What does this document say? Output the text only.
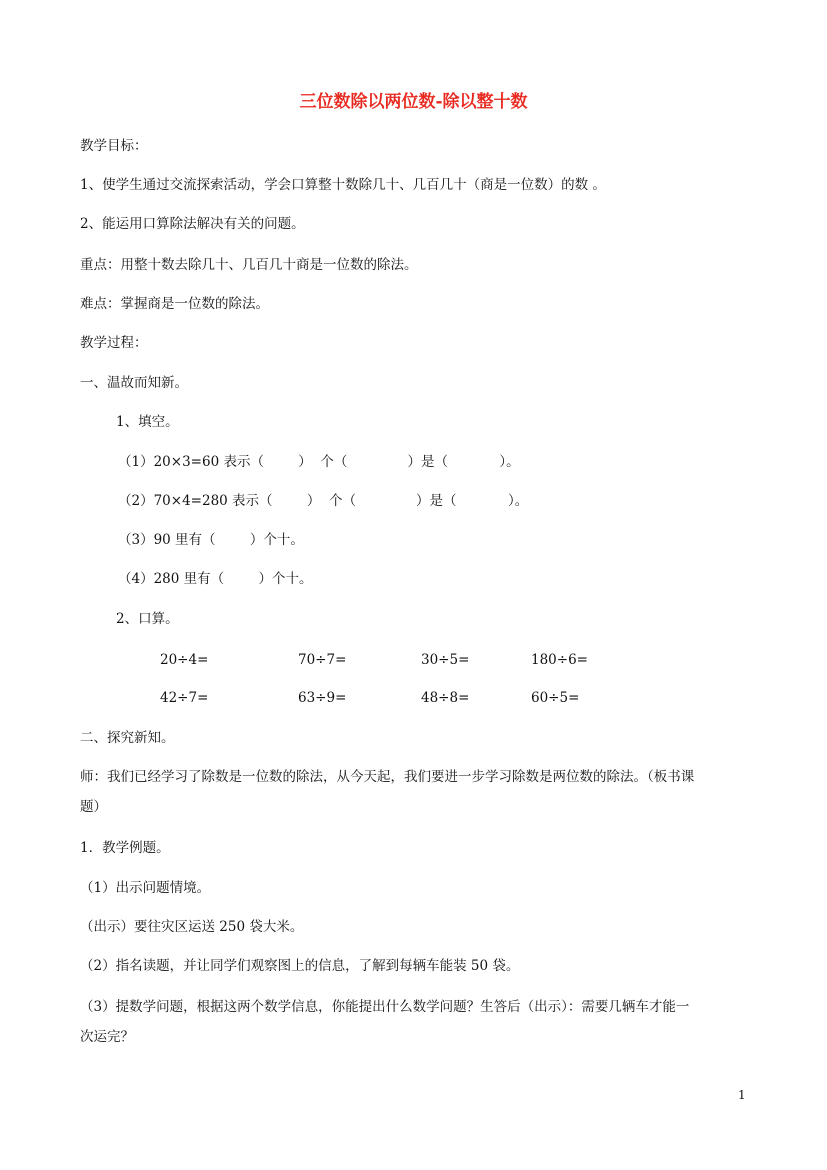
三位数除以两位数-除以整十数
教学目标：
1、使学生通过交流探索活动，学会口算整十数除几十、几百几十（商是一位数）的数 。
2、能运用口算除法解决有关的问题。
重点：用整十数去除几十、几百几十商是一位数的除法。
难点：掌握商是一位数的除法。
教学过程：
一、温故而知新。
1、填空。
（1）20×3=60 表示（        ）  个（              ）是（            ）。
（2）70×4=280 表示（        ）  个（              ）是（            ）。
（3）90 里有（        ）个十。
（4）280 里有（        ）个十。
2、口算。
20÷4=	70÷7=	30÷5=	180÷6=
42÷7=	63÷9=	48÷8=	60÷5=
二、探究新知。
师：我们已经学习了除数是一位数的除法，从今天起，我们要进一步学习除数是两位数的除法。（板书课
题）
1．教学例题。
（1）出示问题情境。
（出示）要往灾区运送 250 袋大米。
（2）指名读题，并让同学们观察图上的信息，了解到每辆车能装 50 袋。
（3）提数学问题，根据这两个数学信息，你能提出什么数学问题？生答后（出示）：需要几辆车才能一
次运完？
1
